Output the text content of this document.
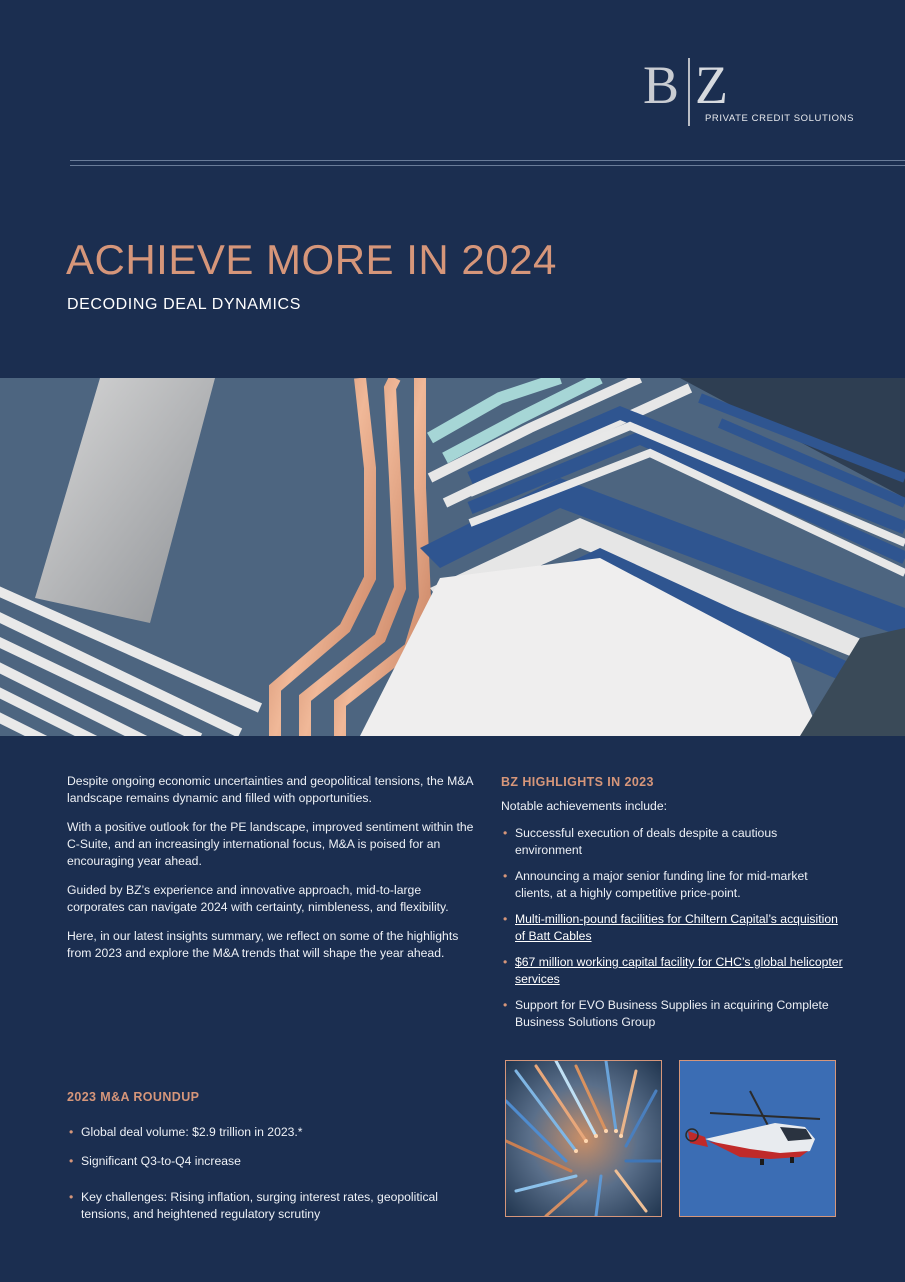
B Z
PRIVATE CREDIT SOLUTIONS
ACHIEVE MORE IN 2024
DECODING DEAL DYNAMICS

Despite ongoing economic uncertainties and geopolitical tensions, the M&A landscape remains dynamic and filled with opportunities.

With a positive outlook for the PE landscape, improved sentiment within the C-Suite, and an increasingly international focus, M&A is poised for an encouraging year ahead.

Guided by BZ’s experience and innovative approach, mid-to-large corporates can navigate 2024 with certainty, nimbleness, and flexibility.

Here, in our latest insights summary, we reflect on some of the highlights from 2023 and explore the M&A trends that will shape the year ahead.

2023 M&A ROUNDUP
• Global deal volume: $2.9 trillion in 2023.*
• Significant Q3-to-Q4 increase
• Key challenges: Rising inflation, surging interest rates, geopolitical tensions, and heightened regulatory scrutiny
BZ HIGHLIGHTS IN 2023
Notable achievements include:
• Successful execution of deals despite a cautious environment
• Announcing a major senior funding line for mid-market clients, at a highly competitive price-point.
• Multi-million-pound facilities for Chiltern Capital’s acquisition of Batt Cables
• $67 million working capital facility for CHC’s global helicopter services
• Support for EVO Business Supplies in acquiring Complete Business Solutions Group
